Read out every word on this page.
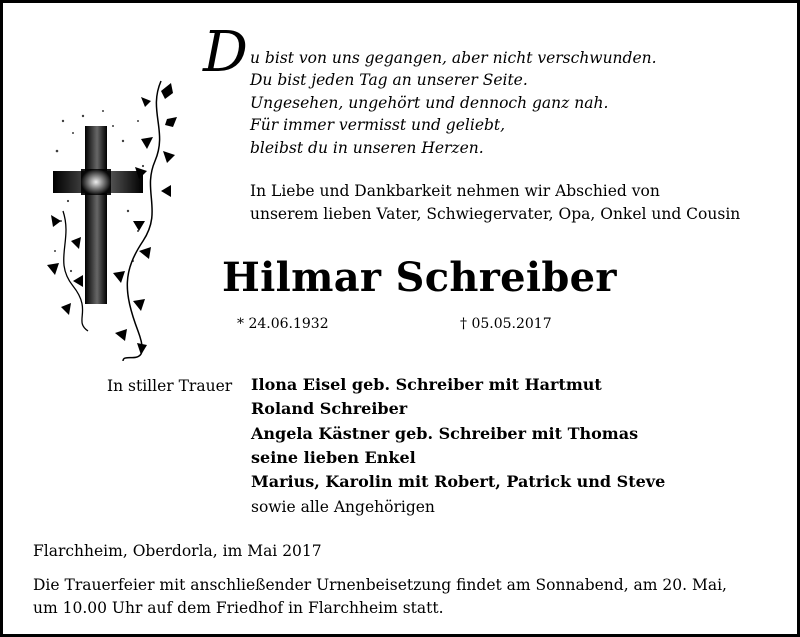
D u bist von uns gegangen, aber nicht verschwunden.
Du bist jeden Tag an unserer Seite.
Ungesehen, ungehört und dennoch ganz nah.
Für immer vermisst und geliebt,
bleibst du in unseren Herzen.
In Liebe und Dankbarkeit nehmen wir Abschied von
unserem lieben Vater, Schwiegervater, Opa, Onkel und Cousin
Hilmar Schreiber
* 24.06.1932	† 05.05.2017
In stiller Trauer Ilona Eisel geb. Schreiber mit Hartmut
Roland Schreiber
Angela Kästner geb. Schreiber mit Thomas
seine lieben Enkel
Marius, Karolin mit Robert, Patrick und Steve
sowie alle Angehörigen
Flarchheim, Oberdorla, im Mai 2017
Die Trauerfeier mit anschließender Urnenbeisetzung findet am Sonnabend, am 20. Mai,
um 10.00 Uhr auf dem Friedhof in Flarchheim statt.
